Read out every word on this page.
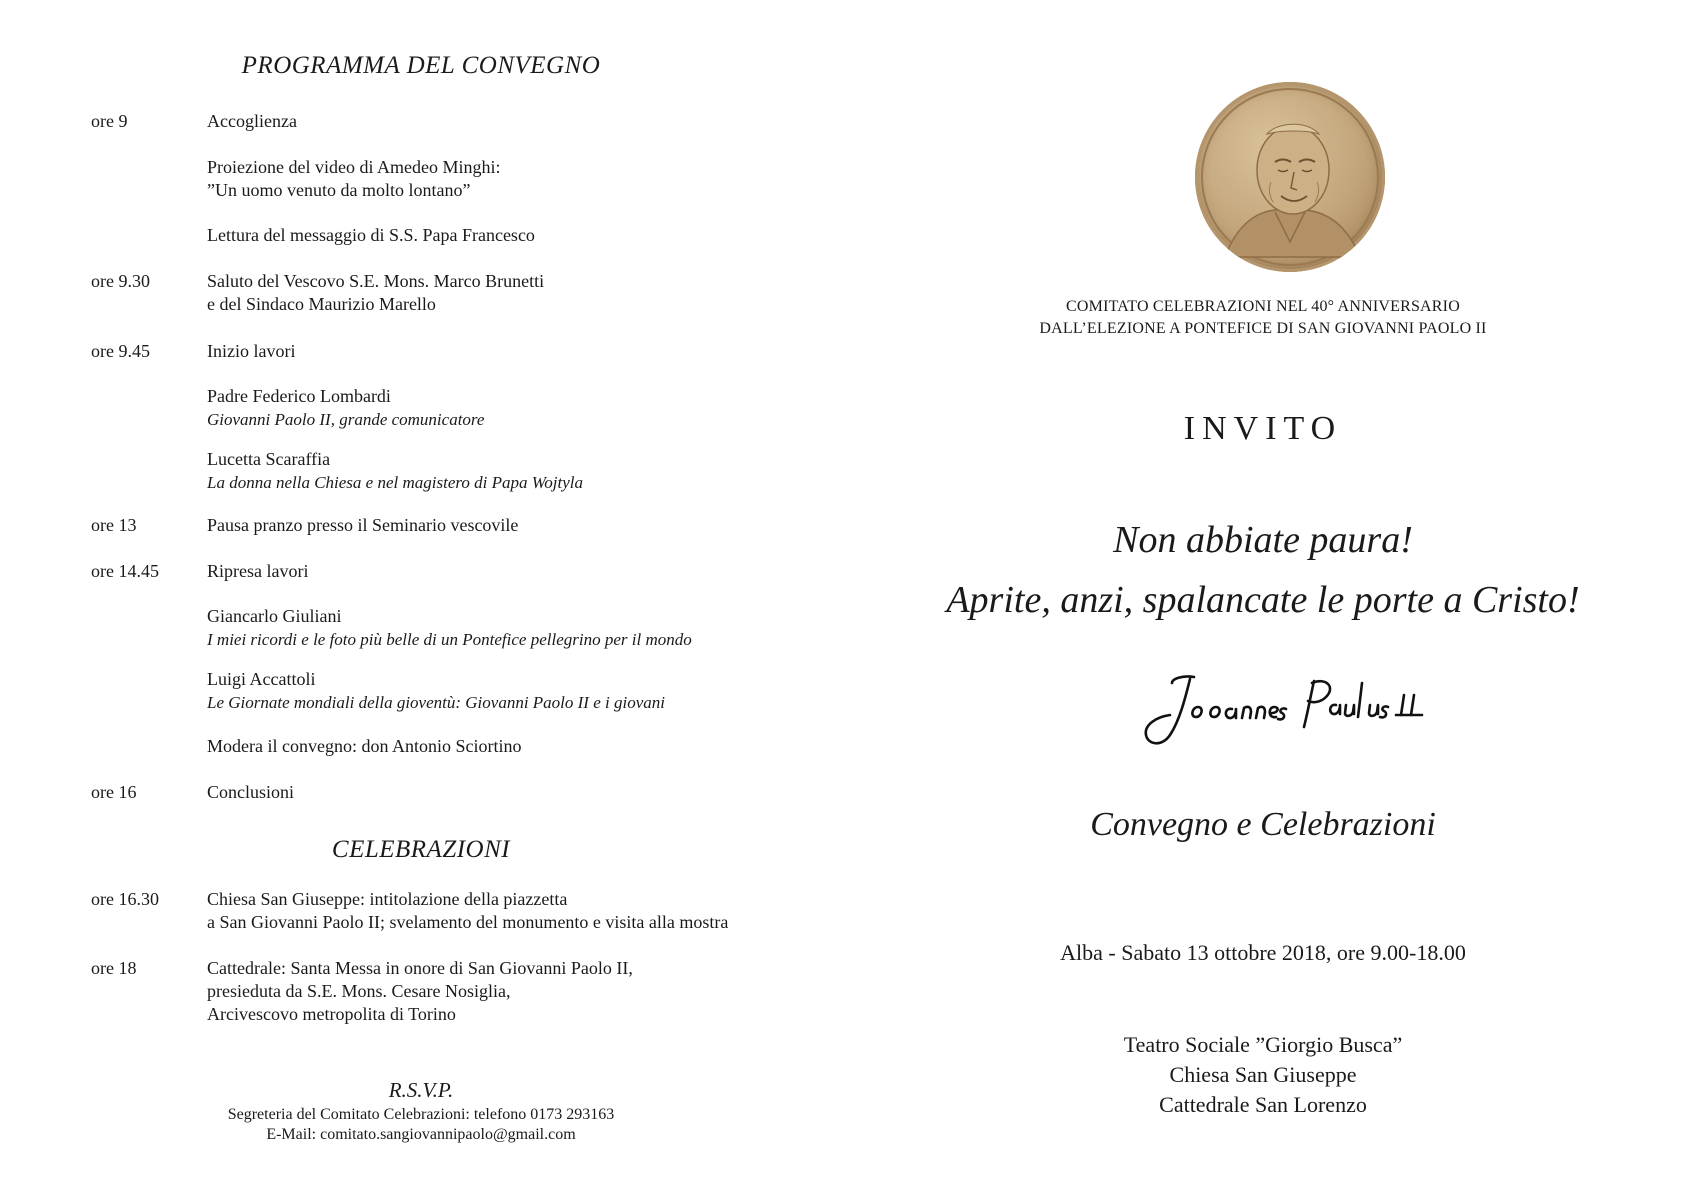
PROGRAMMA DEL CONVEGNO
ore 9	Accoglienza
Proiezione del video di Amedeo Minghi:
”Un uomo venuto da molto lontano”
Lettura del messaggio di S.S. Papa Francesco
ore 9.30	Saluto del Vescovo S.E. Mons. Marco Brunetti
e del Sindaco Maurizio Marello
ore 9.45	Inizio lavori
Padre Federico Lombardi
Giovanni Paolo II, grande comunicatore
Lucetta Scaraffia
La donna nella Chiesa e nel magistero di Papa Wojtyla
ore 13	Pausa pranzo presso il Seminario vescovile
ore 14.45	Ripresa lavori
Giancarlo Giuliani
I miei ricordi e le foto più belle di un Pontefice pellegrino per il mondo
Luigi Accattoli
Le Giornate mondiali della gioventù: Giovanni Paolo II e i giovani
Modera il convegno: don Antonio Sciortino
ore 16	Conclusioni
CELEBRAZIONI
ore 16.30	Chiesa San Giuseppe: intitolazione della piazzetta
a San Giovanni Paolo II; svelamento del monumento e visita alla mostra
ore 18	Cattedrale: Santa Messa in onore di San Giovanni Paolo II,
presieduta da S.E. Mons. Cesare Nosiglia,
Arcivescovo metropolita di Torino
R.S.V.P.
Segreteria del Comitato Celebrazioni: telefono 0173 293163
E-Mail: comitato.sangiovannipaolo@gmail.com
COMITATO CELEBRAZIONI NEL 40° ANNIVERSARIO
DALL’ELEZIONE A PONTEFICE DI SAN GIOVANNI PAOLO II
INVITO
Non abbiate paura!
Aprite, anzi, spalancate le porte a Cristo!
Convegno e Celebrazioni
Alba - Sabato 13 ottobre 2018, ore 9.00-18.00
Teatro Sociale ”Giorgio Busca”
Chiesa San Giuseppe
Cattedrale San Lorenzo
